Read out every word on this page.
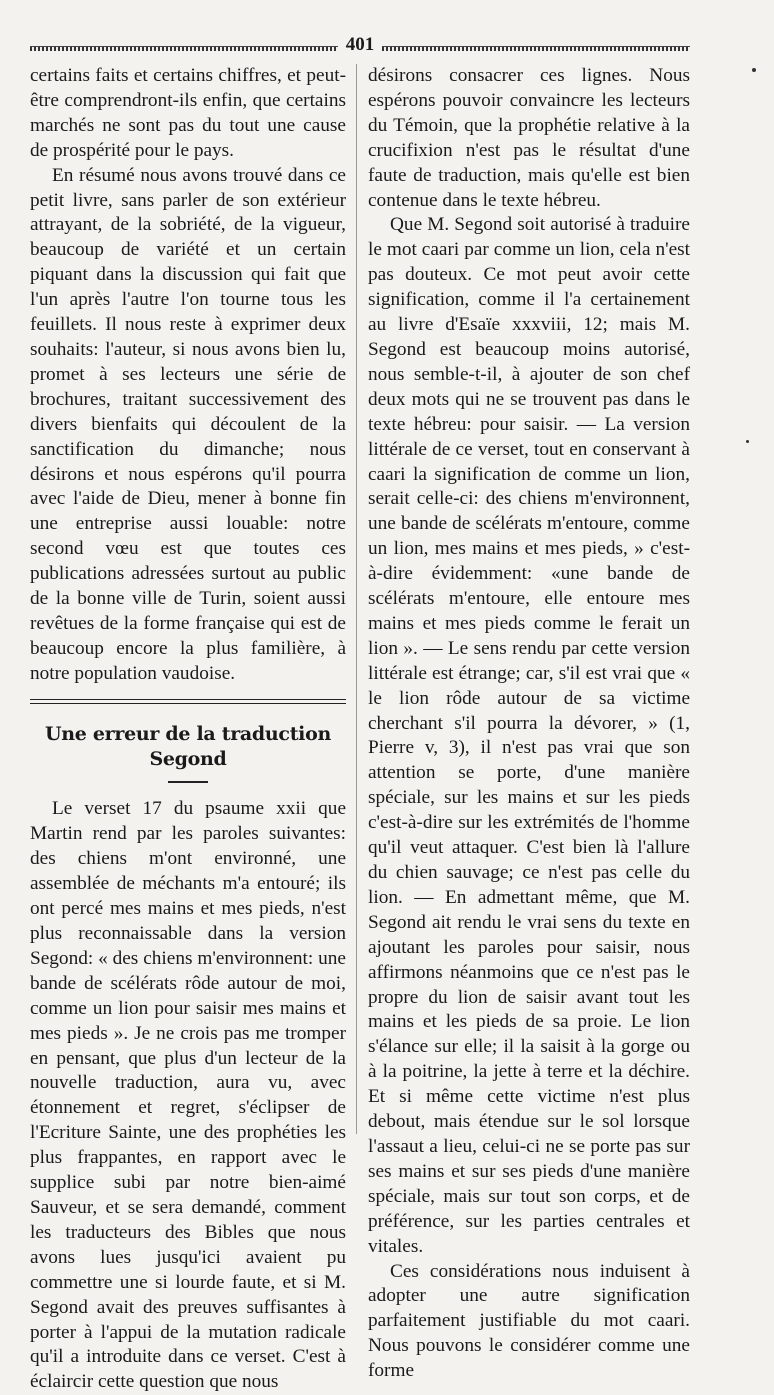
401

certains faits et certains chiffres, et peut-être comprendront-ils enfin, que certains marchés ne sont pas du tout une cause de prospérité pour le pays.

En résumé nous avons trouvé dans ce petit livre, sans parler de son extérieur attrayant, de la sobriété, de la vigueur, beaucoup de variété et un certain piquant dans la discussion qui fait que l'un après l'autre l'on tourne tous les feuillets. Il nous reste à exprimer deux souhaits: l'auteur, si nous avons bien lu, promet à ses lecteurs une série de brochures, traitant successivement des divers bienfaits qui découlent de la sanctification du dimanche; nous désirons et nous espérons qu'il pourra avec l'aide de Dieu, mener à bonne fin une entreprise aussi louable: notre second vœu est que toutes ces publications adressées surtout au public de la bonne ville de Turin, soient aussi revêtues de la forme française qui est de beaucoup encore la plus familière, à notre population vaudoise.

Une erreur de la traduction Segond

Le verset 17 du psaume xxii que Martin rend par les paroles suivantes: des chiens m'ont environné, une assemblée de méchants m'a entouré; ils ont percé mes mains et mes pieds, n'est plus reconnaissable dans la version Segond: « des chiens m'environnent: une bande de scélérats rôde autour de moi, comme un lion pour saisir mes mains et mes pieds ». Je ne crois pas me tromper en pensant, que plus d'un lecteur de la nouvelle traduction, aura vu, avec étonnement et regret, s'éclipser de l'Ecriture Sainte, une des prophéties les plus frappantes, en rapport avec le supplice subi par notre bien-aimé Sauveur, et se sera demandé, comment les traducteurs des Bibles que nous avons lues jusqu'ici avaient pu commettre une si lourde faute, et si M. Segond avait des preuves suffisantes à porter à l'appui de la mutation radicale qu'il a introduite dans ce verset. C'est à éclaircir cette question que nous

désirons consacrer ces lignes. Nous espérons pouvoir convaincre les lecteurs du Témoin, que la prophétie relative à la crucifixion n'est pas le résultat d'une faute de traduction, mais qu'elle est bien contenue dans le texte hébreu.

Que M. Segond soit autorisé à traduire le mot caari par comme un lion, cela n'est pas douteux. Ce mot peut avoir cette signification, comme il l'a certainement au livre d'Esaïe xxxviii, 12; mais M. Segond est beaucoup moins autorisé, nous semble-t-il, à ajouter de son chef deux mots qui ne se trouvent pas dans le texte hébreu: pour saisir. — La version littérale de ce verset, tout en conservant à caari la signification de comme un lion, serait celle-ci: des chiens m'environnent, une bande de scélérats m'entoure, comme un lion, mes mains et mes pieds, » c'est-à-dire évidemment: «une bande de scélérats m'entoure, elle entoure mes mains et mes pieds comme le ferait un lion ». — Le sens rendu par cette version littérale est étrange; car, s'il est vrai que « le lion rôde autour de sa victime cherchant s'il pourra la dévorer, » (1, Pierre v, 3), il n'est pas vrai que son attention se porte, d'une manière spéciale, sur les mains et sur les pieds c'est-à-dire sur les extrémités de l'homme qu'il veut attaquer. C'est bien là l'allure du chien sauvage; ce n'est pas celle du lion. — En admettant même, que M. Segond ait rendu le vrai sens du texte en ajoutant les paroles pour saisir, nous affirmons néanmoins que ce n'est pas le propre du lion de saisir avant tout les mains et les pieds de sa proie. Le lion s'élance sur elle; il la saisit à la gorge ou à la poitrine, la jette à terre et la déchire. Et si même cette victime n'est plus debout, mais étendue sur le sol lorsque l'assaut a lieu, celui-ci ne se porte pas sur ses mains et sur ses pieds d'une manière spéciale, mais sur tout son corps, et de préférence, sur les parties centrales et vitales.

Ces considérations nous induisent à adopter une autre signification parfaitement justifiable du mot caari. Nous pouvons le considérer comme une forme
